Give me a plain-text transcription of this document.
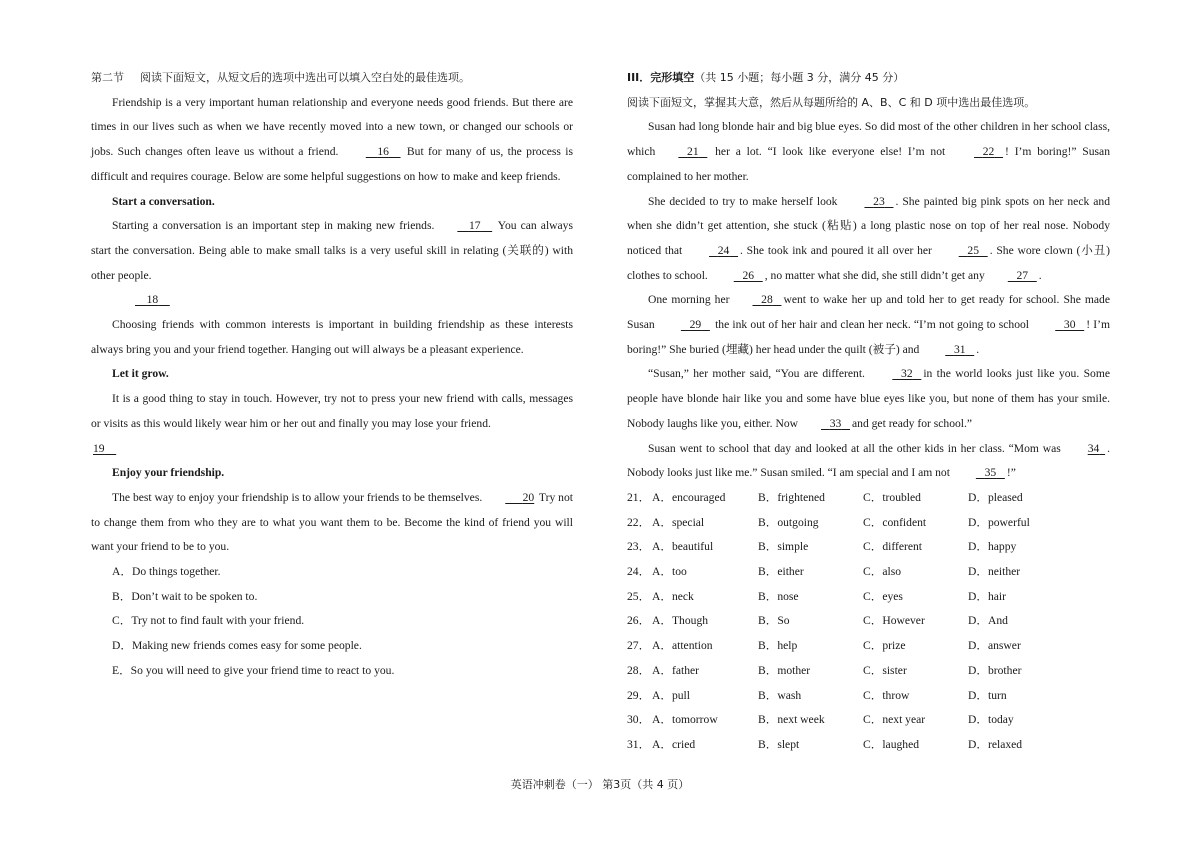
第二节 阅读下面短文，从短文后的选项中选出可以填入空白处的最佳选项。

Friendship is a very important human relationship and everyone needs good friends. But there are times in our lives such as when we have recently moved into a new town, or changed our schools or jobs. Such changes often leave us without a friend.	16     But for many of us, the process is difficult and requires courage. Below are some helpful suggestions on how to make and keep friends.

Start a conversation.

Starting a conversation is an important step in making new friends.	17     You can always start the conversation. Being able to make small talks is a very useful skill in relating (关联的) with other people.

18

Choosing friends with common interests is important in building friendship as these interests always bring you and your friend together. Hanging out will always be a pleasant experience.

Let it grow.

It is a good thing to stay in touch. However, try not to press your new friend with calls, messages or visits as this would likely wear him or her out and finally you may lose your friend.

19

Enjoy your friendship.

The best way to enjoy your friendship is to allow your friends to be themselves.	20 Try not to change them from who they are to what you want them to be. Become the kind of friend you will want your friend to be to you.

A．Do things together.

B．Don’t wait to be spoken to.

C．Try not to find fault with your friend.

D．Making new friends comes easy for some people.

E．So you will need to give your friend time to react to you.

III．完形填空（共 15 小题；每小题 3 分，满分 45 分）

阅读下面短文，掌握其大意，然后从每题所给的 A、B、C 和 D 项中选出最佳选项。

Susan had long blonde hair and big blue eyes. So did most of the other children in her school class, which	21    her a lot. “I look like everyone else! I’m not	22 ! I’m boring!” Susan complained to her mother.

She decided to try to make herself look	23 . She painted big pink spots on her neck and when she didn’t get attention, she stuck (粘贴) a long plastic nose on top of her real nose. Nobody noticed that	24 . She took ink and poured it all over her	25 . She wore clown (小丑) clothes to school.	26 , no matter what she did, she still didn’t get any	27 .

One morning her	28 went to wake her up and told her to get ready for school. She made Susan	29    the ink out of her hair and clean her neck. “I’m not going to school	30 ! I’m boring!” She buried (埋藏) her head under the quilt (被子) and	31 .

“Susan,” her mother said, “You are different.	32 in the world looks just like you. Some people have blonde hair like you and some have blue eyes like you, but none of them has your smile. Nobody laughs like you, either. Now	33 and get ready for school.”

Susan went to school that day and looked at all the other kids in her class. “Mom was 34 . Nobody looks just like me.” Susan smiled. “I am special and I am not	35 !”

21． A．encouraged	B．frightened	C．troubled	D．pleased
22． A．special	B．outgoing	C．confident	D．powerful
23． A．beautiful	B．simple	C．different	D．happy
24． A．too	B．either	C．also	D．neither
25． A．neck	B．nose	C．eyes	D．hair
26． A．Though	B．So	C．However	D．And
27． A．attention	B．help	C．prize	D．answer
28． A．father	B．mother	C．sister	D．brother
29． A．pull	B．wash	C．throw	D．turn
30． A．tomorrow	B．next week	C．next year	D．today
31． A．cried	B．slept	C．laughed	D．relaxed
英语冲刺卷（一） 第3页（共 4 页）
